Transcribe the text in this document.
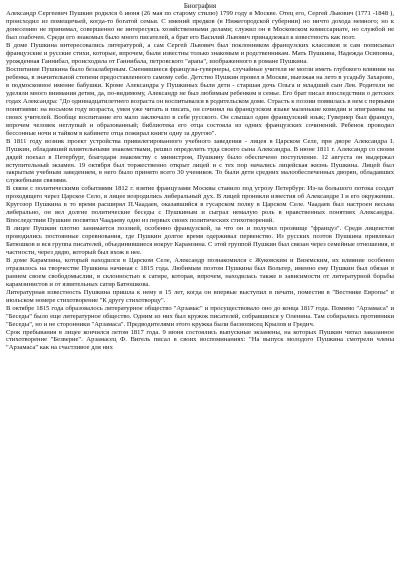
Биография

Александр Сергеевич Пушкин родился 6 июня (26 мая по старому стилю) 1799 году в Москве. Отец его, Сергей Львович (1771 -1848 ), происходил из помещичьей, когда-то богатой семьи. С имений предков (в Нижегородской губернии) но ничто дохода немного; но к донесению не принимал, совершенно не интересуясь хозяйственными делами; служил он в Московском комиссариате, но службой не был озабочен. Среди его знакомых было много писателей, а брат его Василий Львович принадлежал к известность как поэт.

В доме Пушкина интересовались литературой, а сам Сергей Львович был поклонником французских классиков и сам пописывал французские и русские стихи, которые, впрочем, были известны только знакомым и родственникам. Мать Пушкина, Надежда Осиповна, урожденная Ганнибал, происходила от Ганнибала, петровского "арапа", изображенного в романе Пушкина.

Воспитание Пушкина было безалаберным. Сменявшиеся французы-гувернеры, случайные учителя не могли иметь глубокого влияния на ребенка, в значительной степени предоставленного самому себе. Детство Пушкин провел в Москве, выезжая на лето в усадьбу Захарово, в подмосковное имение бабушки. Кроме Александра у Пушкиных были дети - старшая дочь Ольга и младший сын Лев. Родители не уделяли много внимания детям, да, по-видимому, Александр не был любимым ребенком в семье. Его брат писал впоследствии о детских годах Александра: "До одиннадцатилетнего возраста он воспитывался в родительском доме. Страсть к поэзии появилась в нем с первыми понятиями: на восьмом году возраста, умея уже читать и писать, он сочинял на французском языке маленькие комедии и эпиграммы на своих учителей. Вообще воспитание его мало заключало в себе русского. Он слышал один французский язык; Гувернер был француз, впрочем человек неглупый и образованный; библиотека его отца состояла из одних французских сочинений. Ребенок проводил бессонные ночи и тайком в кабинете отца пожирал книги одну за другою".

В 1811 году возник проект устройства привилегированного учебного заведения - лицея в Царском Селе, при дворе Александра I. Пушкин, обладавший влиятельными знакомствами, решил определить туда своего сына Александра. В июне 1811 г. Александр со своим дядей поехал в Петербург, благодаря знакомству с министром, Пушкину было обеспечено поступление. 12 августа он выдержал вступительный экзамен. 19 октября был торжественно открыт лицей и с тех пор начались лицейская жизнь Пушкина. Лицей был закрытым учебным заведением, в него было принято всего 30 учеников. То были дети средних малообеспеченных дворян, обладавших служебными связями.

В связи с политическими событиями 1812 г. взятие французами Москвы ставило под угрозу Петербург. Из-за большого потока солдат проходящего через Царское Село, в лицее возродились либеральный дух. В лицей проникли известия об Александре I и его окружении. Кругозор Пушкина в то время расширял П.Чаадаев, оказавшийся в гусарском полку в Царском Селе. Чаадаев был настроен весьма либерально, он вел долгие политические беседы с Пушкиным и сыграл немалую роль в нравственных понятиях Александра. Впоследствии Пушкин посвятил Чаадаеву одно из первых своих политических стихотворений.

В лицее Пушкин плотно занимается поэзией, особенно французской, за что он и получил прозвище "француз". Среди лицеистов проводились постоянные соревнования, где Пушкин долгое время одерживал первенство. Из русских поэтов Пушкина привлекал Батюшков и вся группа писателей, объединившиеся вокруг Карамзина. С этой группой Пушкин был связан через семейные отношения, в частности, через дядю, который был вхож в нее.

В доме Карамзина, который находился в Царском Селе, Александр познакомился с Жуковским и Вяземским, их влияние особенно отразилось на творчестве Пушкина начиная с 1815 года. Любимым поэтом Пушкина был Вольтер, именно ему Пушкин был обязан в раннем своем свободомыслии, в склонностью к сатире, которая, впрочем, находилась также в зависимости от литературной борьбы карамзинистов и от язвительных сатир Батюшкова.

Литературная известность Пушкина пришла к нему в 15 лет, когда он впервые выступил в печати, поместив в "Вестнике Европы" в июльском номере стихотворение "К другу стихотворцу".

В октябре 1815 года образовалось литературное общество "Арзамас" и просуществовало оно до конца 1817 года. Помимо "Арзамаса" и "Беседы" было еще литературное общество. Одним из них был кружок писателей, собравшихся у Оленина. Там собирались противники "Беседы", но и не сторонники "Арзамаса". Предводителями этого кружка были баснописец Крылов и Гредич.

Срок пребывания в лицее кончился летом 1817 года. 9 июня состоялись выпускные экзамены, на которых Пушкин читал заказанное стихотворение "Безверие". Арзамасец Ф. Вигель писал в своих воспоминаниях: "На выпуск молодого Пушкина смотрели члены "Арзамаса" как на счастливое для них
